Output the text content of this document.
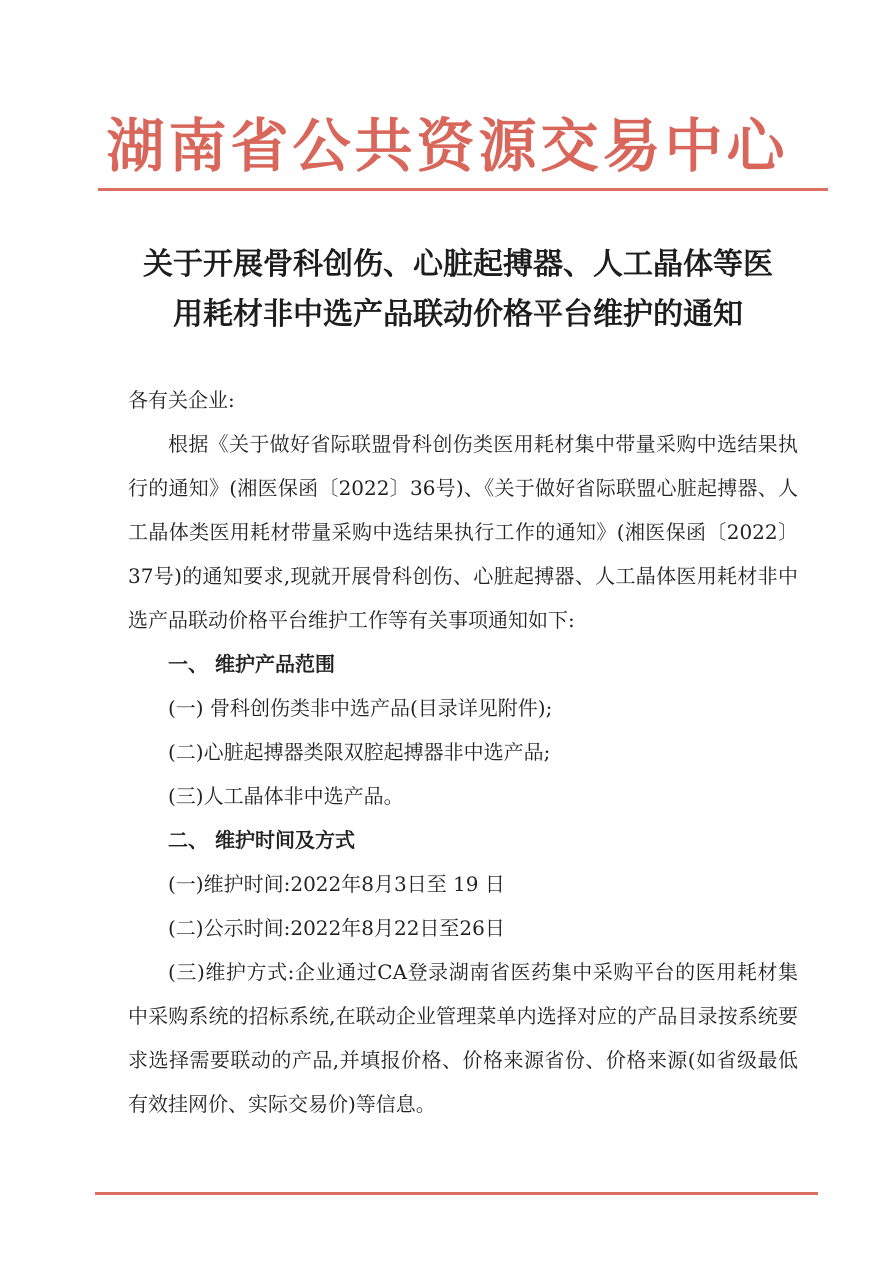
湖南省公共资源交易中心
关于开展骨科创伤、心脏起搏器、人工晶体等医
用耗材非中选产品联动价格平台维护的通知

各有关企业:

根据《关于做好省际联盟骨科创伤类医用耗材集中带量采购中选结果执行的通知》(湘医保函〔2022〕36号)、《关于做好省际联盟心脏起搏器、人工晶体类医用耗材带量采购中选结果执行工作的通知》(湘医保函〔2022〕37号)的通知要求,现就开展骨科创伤、心脏起搏器、人工晶体医用耗材非中选产品联动价格平台维护工作等有关事项通知如下:

一、 维护产品范围

(一) 骨科创伤类非中选产品(目录详见附件);

(二)心脏起搏器类限双腔起搏器非中选产品;

(三)人工晶体非中选产品。

二、 维护时间及方式

(一)维护时间:2022年8月3日至 19 日

(二)公示时间:2022年8月22日至26日

(三)维护方式:企业通过CA登录湖南省医药集中采购平台的医用耗材集中采购系统的招标系统,在联动企业管理菜单内选择对应的产品目录按系统要求选择需要联动的产品,并填报价格、价格来源省份、价格来源(如省级最低有效挂网价、实际交易价)等信息。
